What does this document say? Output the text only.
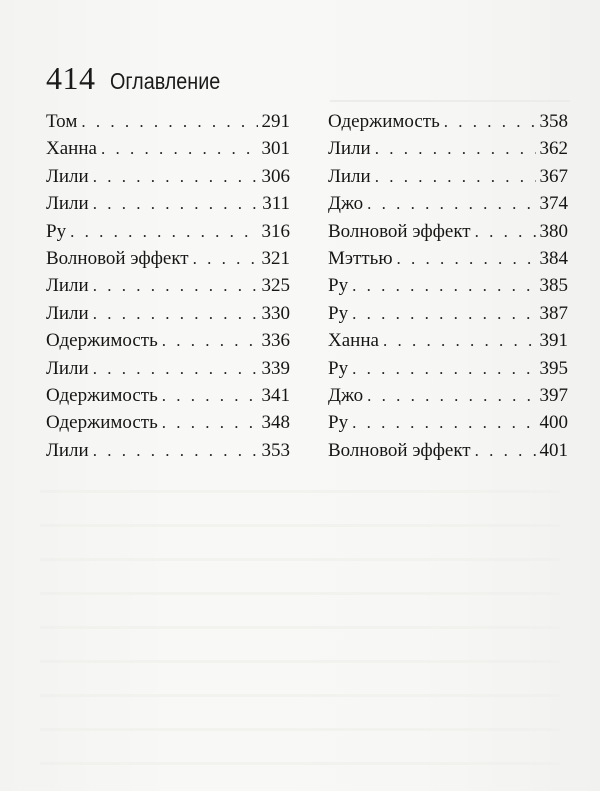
414 Оглавление
Том . . .	291
Ханна . . .	301
Лили . . .	306
Лили . . .	311
Ру . . .	316
Волновой эффект . . .	321
Лили . . .	325
Лили . . .	330
Одержимость . . .	336
Лили . . .	339
Одержимость . . .	341
Одержимость . . .	348
Лили . . .	353
Одержимость . . .	358
Лили . . .	362
Лили . . .	367
Джо . . .	374
Волновой эффект . . .	380
Мэттью . . .	384
Ру . . .	385
Ру . . .	387
Ханна . . .	391
Ру . . .	395
Джо . . .	397
Ру . . .	400
Волновой эффект . . .	401
